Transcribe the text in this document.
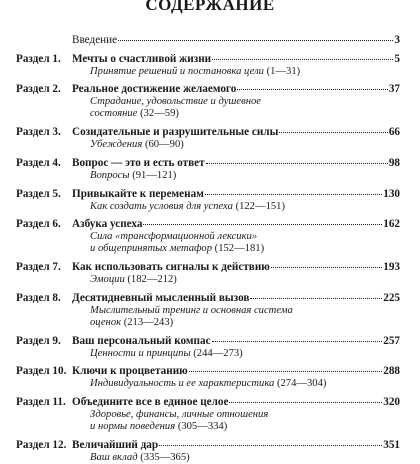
СОДЕРЖАНИЕ
Введение	3
Раздел 1. Мечты о счастливой жизни	5
Принятие решений и постановка цели (1—31)
Раздел 2. Реальное достижение желаемого	37
Страдание, удовольствие и душевное
состояние (32—59)
Раздел 3. Созидательные и разрушительные силы	66
Убеждения (60—90)
Раздел 4. Вопрос — это и есть ответ	98
Вопросы (91—121)
Раздел 5. Привыкайте к переменам	130
Как создать условия для успеха (122—151)
Раздел 6. Азбука успеха	162
Сила «трансформационной лексики»
и общепринятых метафор (152—181)
Раздел 7. Как использовать сигналы к действию	193
Эмоции (182—212)
Раздел 8. Десятидневный мысленный вызов	225
Мыслительный тренинг и основная система
оценок (213—243)
Раздел 9. Ваш персональный компас	257
Ценности и принципы (244—273)
Раздел 10. Ключи к процветанию	288
Индивидуальность и ее характеристика (274—304)
Раздел 11. Объедините все в единое целое	320
Здоровье, финансы, личные отношения
и нормы поведения (305—334)
Раздел 12. Величайший дар	351
Ваш вклад (335—365)
